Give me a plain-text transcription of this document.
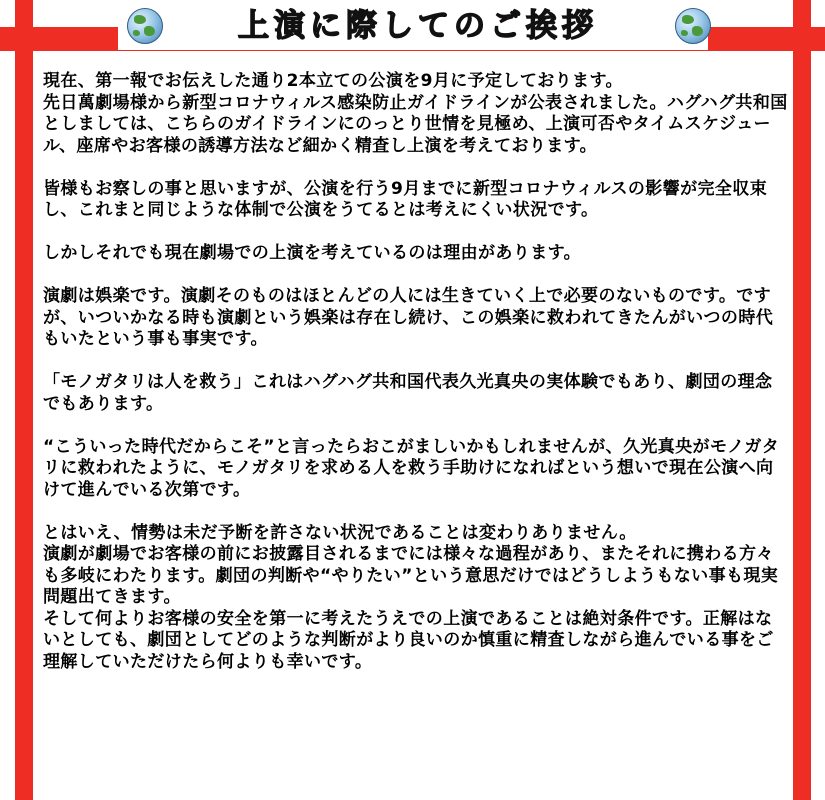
上演に際してのご挨拶

現在、第一報でお伝えした通り2本立ての公演を9月に予定しております。
先日萬劇場様から新型コロナウィルス感染防止ガイドラインが公表されました。ハグハグ共和国としましては、こちらのガイドラインにのっとり世情を見極め、上演可否やタイムスケジュール、座席やお客様の誘導方法など細かく精査し上演を考えております。

皆様もお察しの事と思いますが、公演を行う9月までに新型コロナウィルスの影響が完全収束し、これまと同じような体制で公演をうてるとは考えにくい状況です。

しかしそれでも現在劇場での上演を考えているのは理由があります。

演劇は娯楽です。演劇そのものはほとんどの人には生きていく上で必要のないものです。ですが、いついかなる時も演劇という娯楽は存在し続け、この娯楽に救われてきたんがいつの時代もいたという事も事実です。

「モノガタリは人を救う」これはハグハグ共和国代表久光真央の実体験でもあり、劇団の理念でもあります。

“こういった時代だからこそ”と言ったらおこがましいかもしれませんが、久光真央がモノガタリに救われたように、モノガタリを求める人を救う手助けになればという想いで現在公演へ向けて進んでいる次第です。

とはいえ、情勢は未だ予断を許さない状況であることは変わりありません。
演劇が劇場でお客様の前にお披露目されるまでには様々な過程があり、またそれに携わる方々も多岐にわたります。劇団の判断や“やりたい”という意思だけではどうしようもない事も現実問題出てきます。
そして何よりお客様の安全を第一に考えたうえでの上演であることは絶対条件です。正解はないとしても、劇団としてどのような判断がより良いのか慎重に精査しながら進んでいる事をご理解していただけたら何よりも幸いです。
